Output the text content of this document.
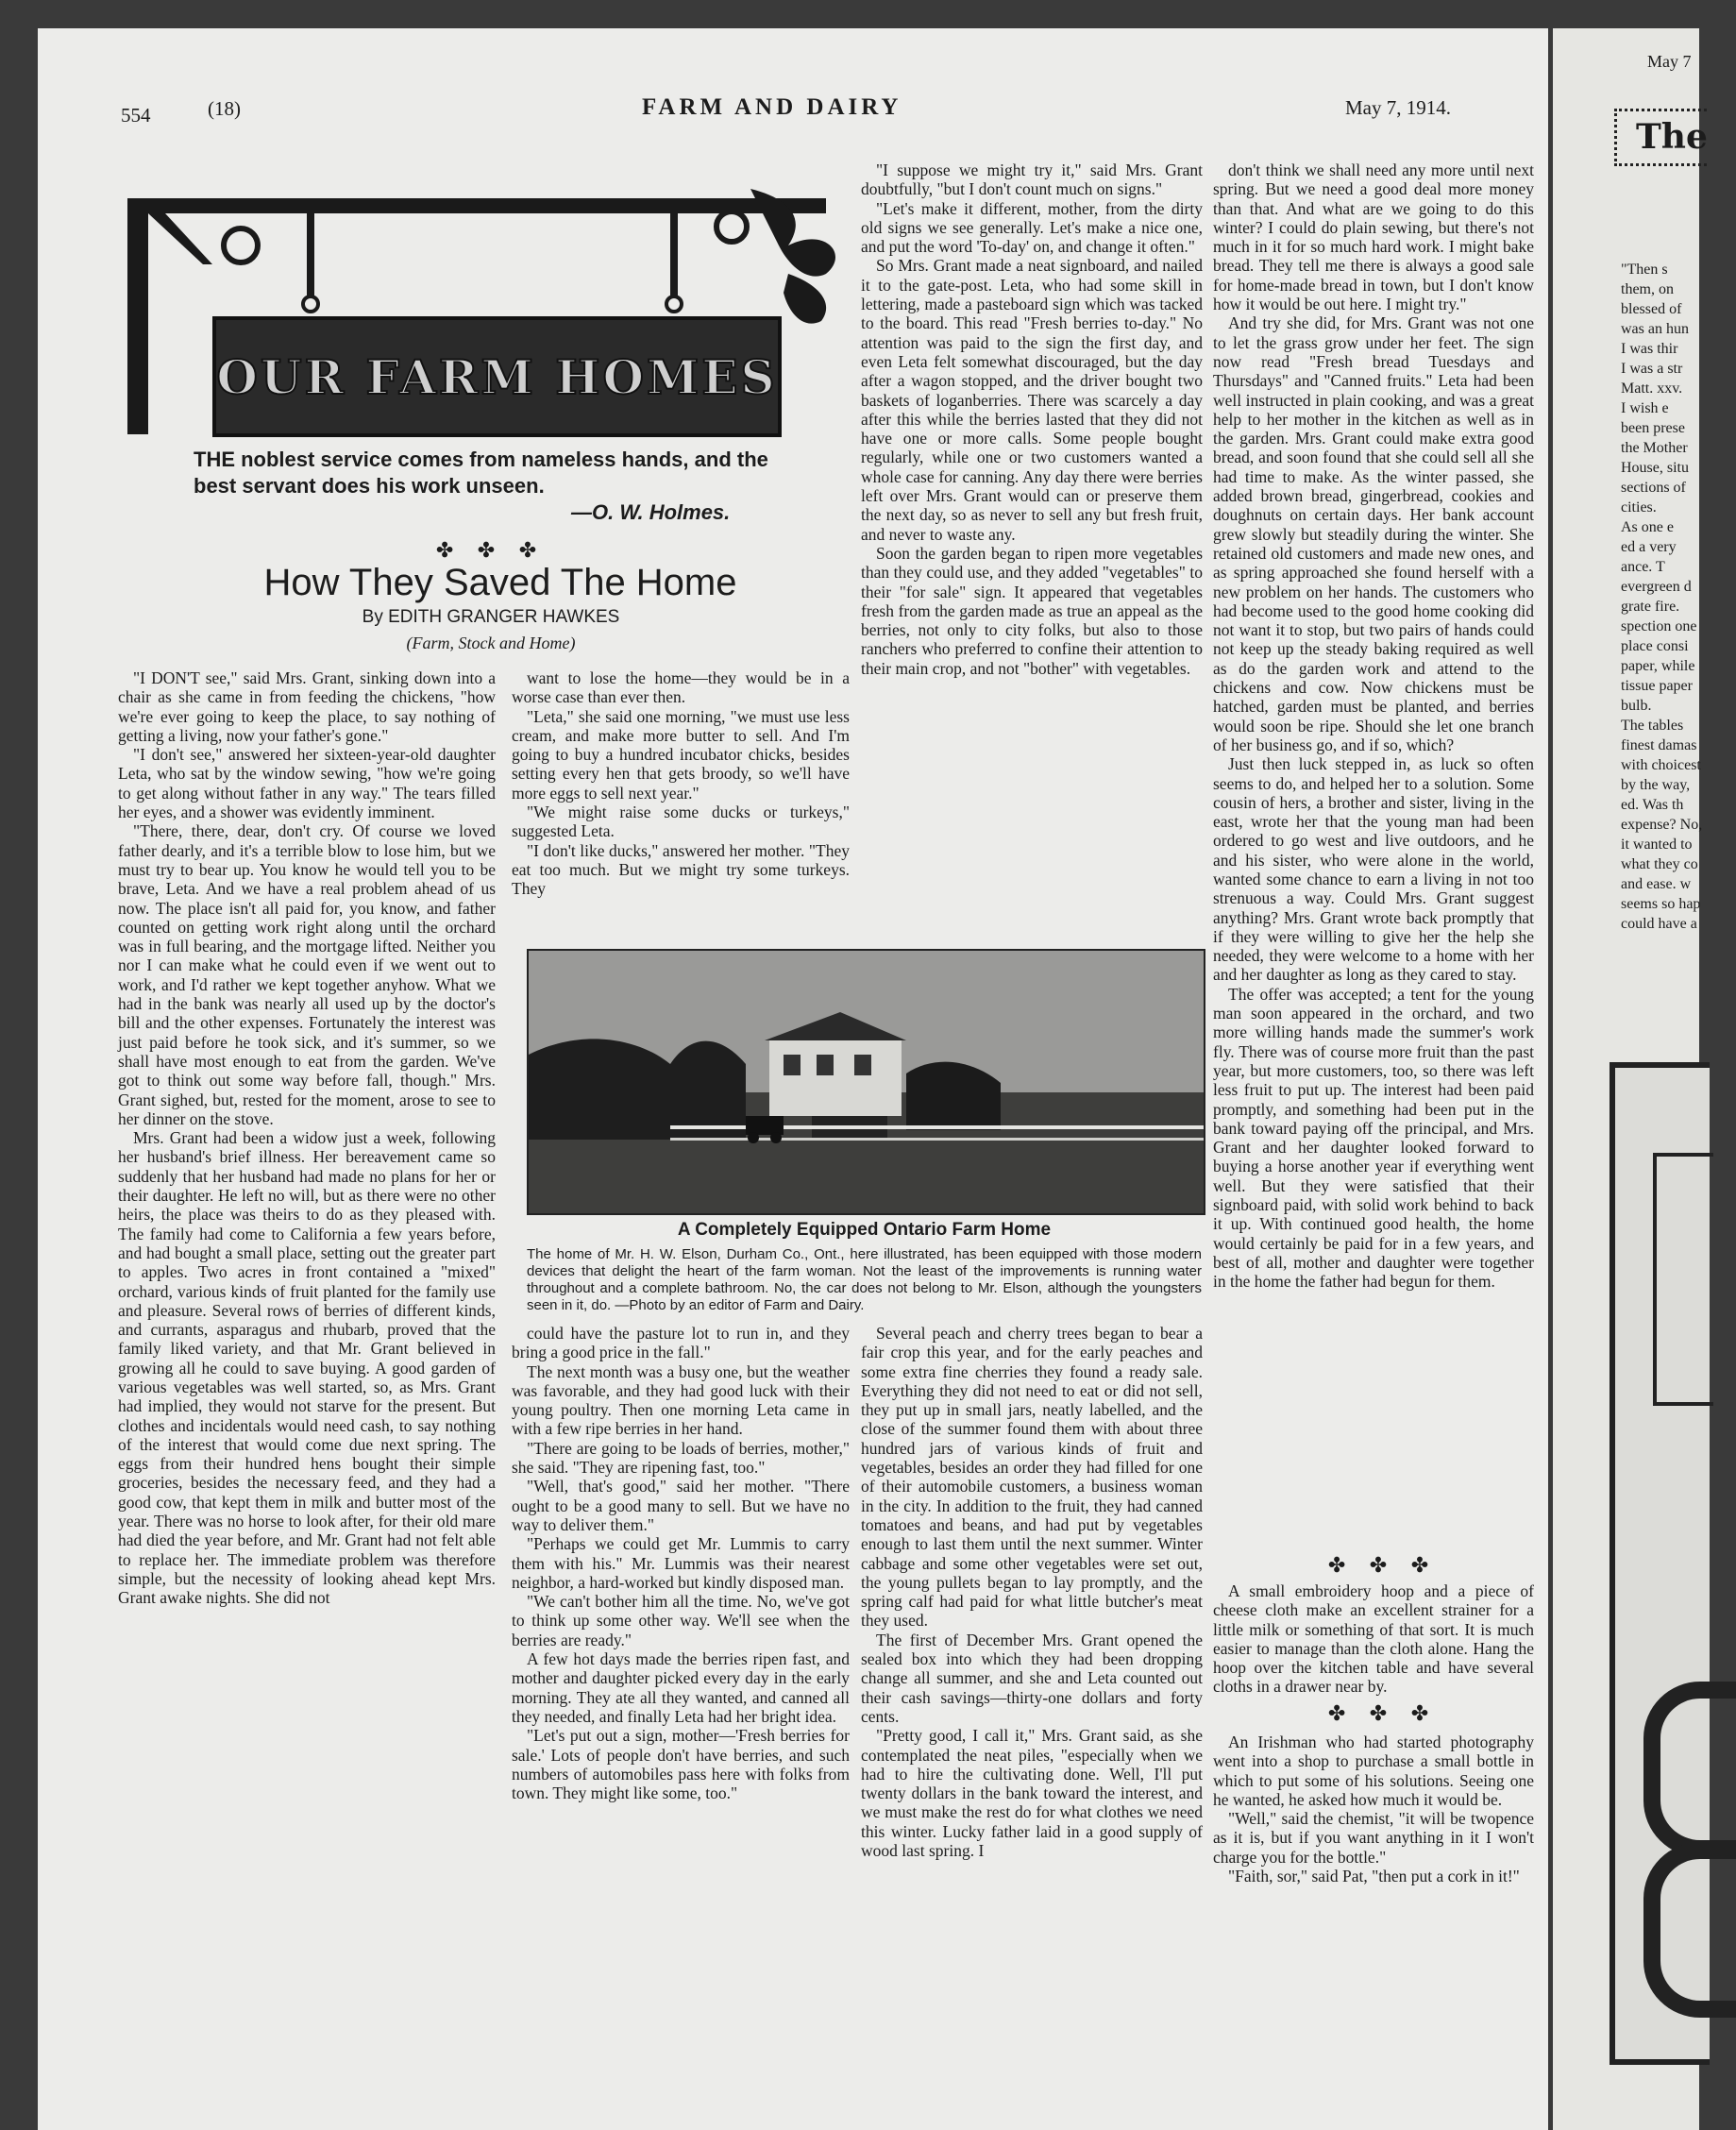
554	(18)	FARM AND DAIRY	May 7, 1914.
OUR FARM HOMES
THE noblest service comes from nameless hands, and the best servant does his work unseen.
—O. W. Holmes.
✤ ✤ ✤
How They Saved The Home
By EDITH GRANGER HAWKES
(Farm, Stock and Home)

"I DON'T see," said Mrs. Grant, sinking down into a chair as she came in from feeding the chickens, "how we're ever going to keep the place, to say nothing of getting a living, now your father's gone."

"I don't see," answered her sixteen-year-old daughter Leta, who sat by the window sewing, "how we're going to get along without father in any way." The tears filled her eyes, and a shower was evidently imminent.

"There, there, dear, don't cry. Of course we loved father dearly, and it's a terrible blow to lose him, but we must try to bear up. You know he would tell you to be brave, Leta. And we have a real problem ahead of us now. The place isn't all paid for, you know, and father counted on getting work right along until the orchard was in full bearing, and the mortgage lifted. Neither you nor I can make what he could even if we went out to work, and I'd rather we kept together anyhow. What we had in the bank was nearly all used up by the doctor's bill and the other expenses. Fortunately the interest was just paid before he took sick, and it's summer, so we shall have most enough to eat from the garden. We've got to think out some way before fall, though." Mrs. Grant sighed, but, rested for the moment, arose to see to her dinner on the stove.

Mrs. Grant had been a widow just a week, following her husband's brief illness. Her bereavement came so suddenly that her husband had made no plans for her or their daughter. He left no will, but as there were no other heirs, the place was theirs to do as they pleased with. The family had come to California a few years before, and had bought a small place, setting out the greater part to apples. Two acres in front contained a "mixed" orchard, various kinds of fruit planted for the family use and pleasure. Several rows of berries of different kinds, and currants, asparagus and rhubarb, proved that the family liked variety, and that Mr. Grant believed in growing all he could to save buying. A good garden of various vegetables was well started, so, as Mrs. Grant had implied, they would not starve for the present. But clothes and incidentals would need cash, to say nothing of the interest that would come due next spring. The eggs from their hundred hens bought their simple groceries, besides the necessary feed, and they had a good cow, that kept them in milk and butter most of the year. There was no horse to look after, for their old mare had died the year before, and Mr. Grant had not felt able to replace her. The immediate problem was therefore simple, but the necessity of looking ahead kept Mrs. Grant awake nights. She did not

want to lose the home—they would be in a worse case than ever then.

"Leta," she said one morning, "we must use less cream, and make more butter to sell. And I'm going to buy a hundred incubator chicks, besides setting every hen that gets broody, so we'll have more eggs to sell next year."

"We might raise some ducks or turkeys," suggested Leta.

"I don't like ducks," answered her mother. "They eat too much. But we might try some turkeys. They

"I suppose we might try it," said Mrs. Grant doubtfully, "but I don't count much on signs."

"Let's make it different, mother, from the dirty old signs we see generally. Let's make a nice one, and put the word 'To-day' on, and change it often."

So Mrs. Grant made a neat signboard, and nailed it to the gate-post. Leta, who had some skill in lettering, made a pasteboard sign which was tacked to the board. This read "Fresh berries to-day." No attention was paid to the sign the first day, and even Leta felt somewhat discouraged, but the day after a wagon stopped, and the driver bought two baskets of loganberries. There was scarcely a day after this while the berries lasted that they did not have one or more calls. Some people bought regularly, while one or two customers wanted a whole case for canning. Any day there were berries left over Mrs. Grant would can or preserve them the next day, so as never to sell any but fresh fruit, and never to waste any.

Soon the garden began to ripen more vegetables than they could use, and they added "vegetables" to their "for sale" sign. It appeared that vegetables fresh from the garden made as true an appeal as the berries, not only to city folks, but also to those ranchers who preferred to confine their attention to their main crop, and not "bother" with vegetables.

A Completely Equipped Ontario Farm Home
The home of Mr. H. W. Elson, Durham Co., Ont., here illustrated, has been equipped with those modern devices that delight the heart of the farm woman. Not the least of the improvements is running water throughout and a complete bathroom. No, the car does not belong to Mr. Elson, although the youngsters seen in it, do. —Photo by an editor of Farm and Dairy.

could have the pasture lot to run in, and they bring a good price in the fall."

The next month was a busy one, but the weather was favorable, and they had good luck with their young poultry. Then one morning Leta came in with a few ripe berries in her hand.

"There are going to be loads of berries, mother," she said. "They are ripening fast, too."

"Well, that's good," said her mother. "There ought to be a good many to sell. But we have no way to deliver them."

"Perhaps we could get Mr. Lummis to carry them with his." Mr. Lummis was their nearest neighbor, a hard-worked but kindly disposed man.

"We can't bother him all the time. No, we've got to think up some other way. We'll see when the berries are ready."

A few hot days made the berries ripen fast, and mother and daughter picked every day in the early morning. They ate all they wanted, and canned all they needed, and finally Leta had her bright idea.

"Let's put out a sign, mother—'Fresh berries for sale.' Lots of people don't have berries, and such numbers of automobiles pass here with folks from town. They might like some, too."

Several peach and cherry trees began to bear a fair crop this year, and for the early peaches and some extra fine cherries they found a ready sale. Everything they did not need to eat or did not sell, they put up in small jars, neatly labelled, and the close of the summer found them with about three hundred jars of various kinds of fruit and vegetables, besides an order they had filled for one of their automobile customers, a business woman in the city. In addition to the fruit, they had canned tomatoes and beans, and had put by vegetables enough to last them until the next summer. Winter cabbage and some other vegetables were set out, the young pullets began to lay promptly, and the spring calf had paid for what little butcher's meat they used.

The first of December Mrs. Grant opened the sealed box into which they had been dropping change all summer, and she and Leta counted out their cash savings—thirty-one dollars and forty cents.

"Pretty good, I call it," Mrs. Grant said, as she contemplated the neat piles, "especially when we had to hire the cultivating done. Well, I'll put twenty dollars in the bank toward the interest, and we must make the rest do for what clothes we need this winter. Lucky father laid in a good supply of wood last spring. I

don't think we shall need any more until next spring. But we need a good deal more money than that. And what are we going to do this winter? I could do plain sewing, but there's not much in it for so much hard work. I might bake bread. They tell me there is always a good sale for home-made bread in town, but I don't know how it would be out here. I might try."

And try she did, for Mrs. Grant was not one to let the grass grow under her feet. The sign now read "Fresh bread Tuesdays and Thursdays" and "Canned fruits." Leta had been well instructed in plain cooking, and was a great help to her mother in the kitchen as well as in the garden. Mrs. Grant could make extra good bread, and soon found that she could sell all she had time to make. As the winter passed, she added brown bread, gingerbread, cookies and doughnuts on certain days. Her bank account grew slowly but steadily during the winter. She retained old customers and made new ones, and as spring approached she found herself with a new problem on her hands. The customers who had become used to the good home cooking did not want it to stop, but two pairs of hands could not keep up the steady baking required as well as do the garden work and attend to the chickens and cow. Now chickens must be hatched, garden must be planted, and berries would soon be ripe. Should she let one branch of her business go, and if so, which?

Just then luck stepped in, as luck so often seems to do, and helped her to a solution. Some cousin of hers, a brother and sister, living in the east, wrote her that the young man had been ordered to go west and live outdoors, and he and his sister, who were alone in the world, wanted some chance to earn a living in not too strenuous a way. Could Mrs. Grant suggest anything? Mrs. Grant wrote back promptly that if they were willing to give her the help she needed, they were welcome to a home with her and her daughter as long as they cared to stay.

The offer was accepted; a tent for the young man soon appeared in the orchard, and two more willing hands made the summer's work fly. There was of course more fruit than the past year, but more customers, too, so there was left less fruit to put up. The interest had been paid promptly, and something had been put in the bank toward paying off the principal, and Mrs. Grant and her daughter looked forward to buying a horse another year if everything went well. But they were satisfied that their signboard paid, with solid work behind to back it up. With continued good health, the home would certainly be paid for in a few years, and best of all, mother and daughter were together in the home the father had begun for them.

✤ ✤ ✤

A small embroidery hoop and a piece of cheese cloth make an excellent strainer for a little milk or something of that sort. It is much easier to manage than the cloth alone. Hang the hoop over the kitchen table and have several cloths in a drawer near by.

✤ ✤ ✤

An Irishman who had started photography went into a shop to purchase a small bottle in which to put some of his solutions. Seeing one he wanted, he asked how much it would be.

"Well," said the chemist, "it will be twopence as it is, but if you want anything in it I won't charge you for the bottle."

"Faith, sor," said Pat, "then put a cork in it!"

May 7
The
"Then s
them, on
blessed of
was an hun
I was thir
I was a str
Matt. xxv.
I wish e
been prese
the Mother
House, situ
sections of
cities.
As one e
ed a very
ance. T
evergreen d
grate fire.
spection one
place consi
paper, while
tissue paper
bulb.
The tables
finest damas
with choicest
by the way,
ed. Was th
expense? No,
it wanted to
what they co
and ease. w
seems so hap
could have a
